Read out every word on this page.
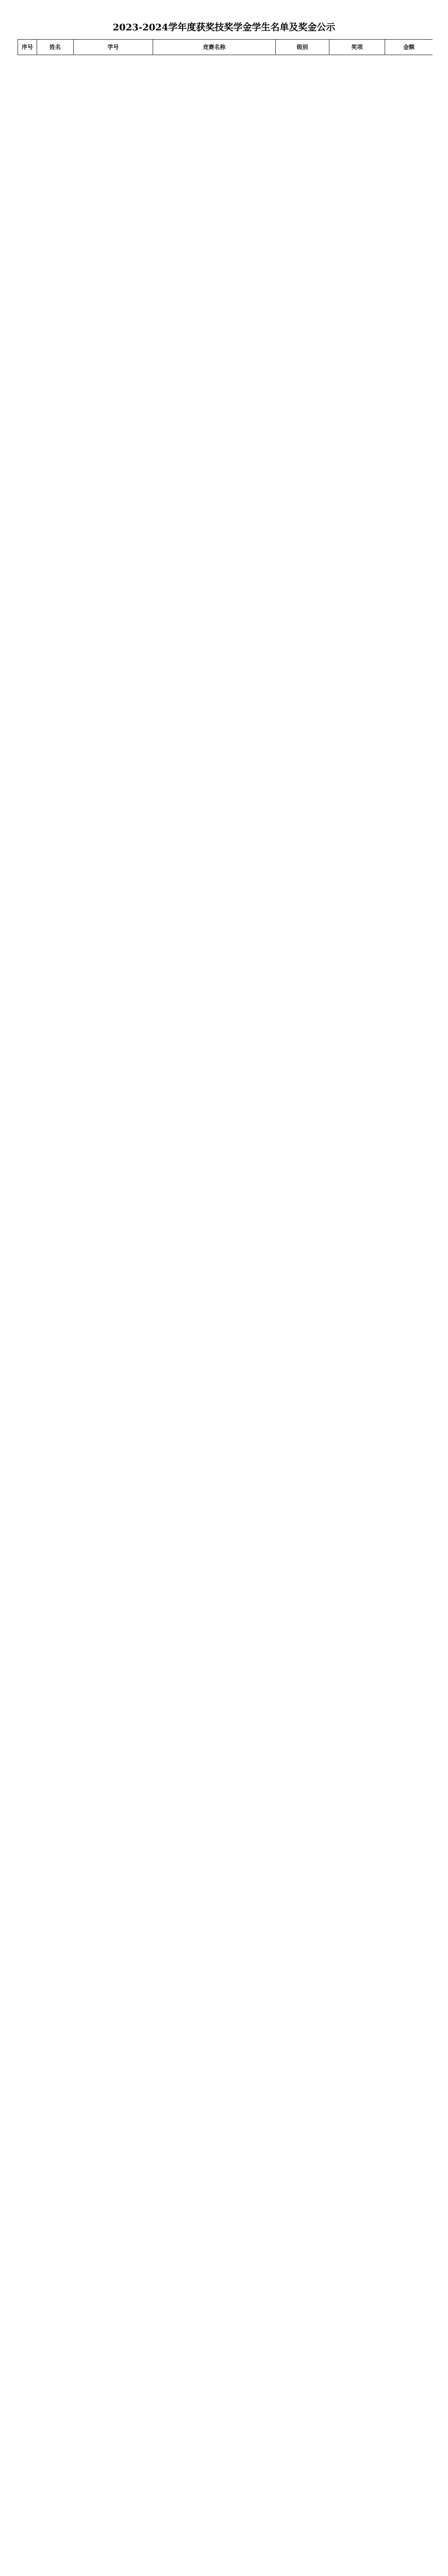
2023-2024学年度获奖技奖学金学生名单及奖金公示
序号	姓名	学号	竞赛名称	级别	奖项	金额
